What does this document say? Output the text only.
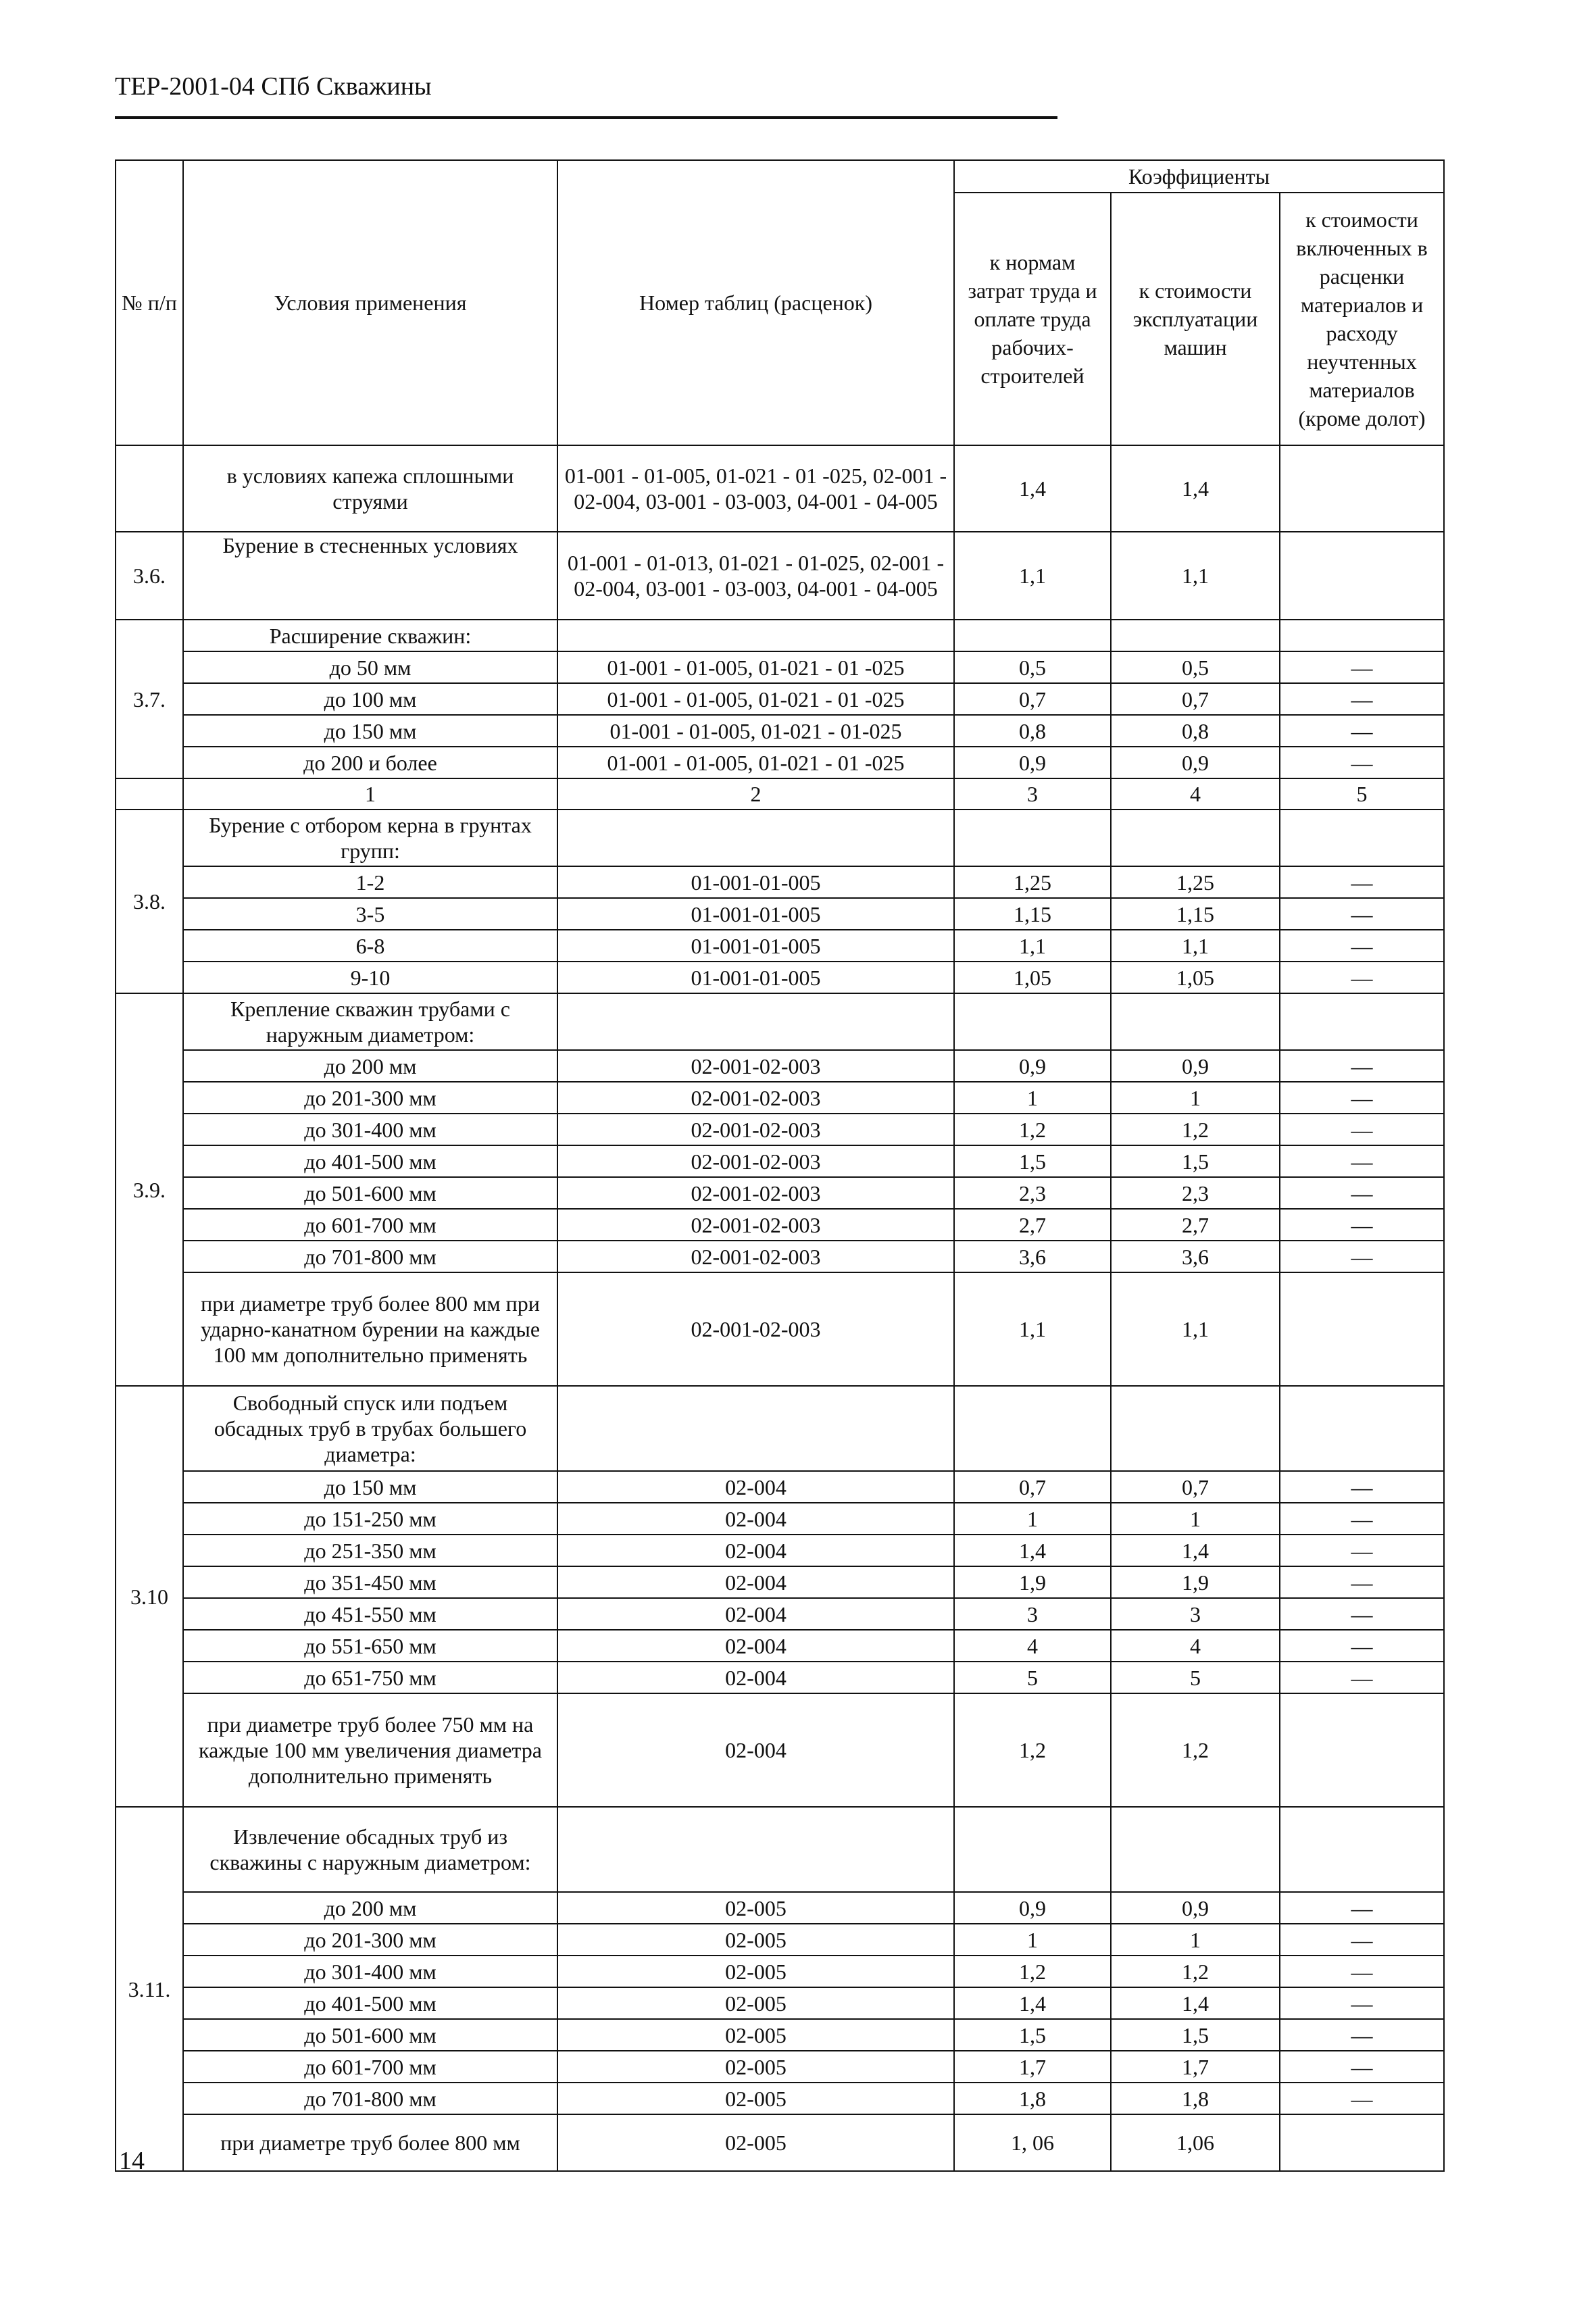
ТЕР-2001-04 СПб Скважины
№ п/п	Условия применения	Номер таблиц (расценок)	Коэффициенты		
			к нормам затрат труда и оплате труда рабочих-строителей	к стоимости эксплуатации машин	к стоимости включенных в расценки материалов и расходу неучтенных материалов (кроме долот)
	в условиях капежа сплошными струями	01-001 - 01-005, 01-021 - 01 -025, 02-001 - 02-004, 03-001 - 03-003, 04-001 - 04-005	1,4	1,4	
3.6.	Бурение в стесненных условиях	01-001 - 01-013, 01-021 - 01-025, 02-001 - 02-004, 03-001 - 03-003, 04-001 - 04-005	1,1	1,1	
3.7.	Расширение скважин:				
	до 50 мм	01-001 - 01-005, 01-021 - 01 -025	0,5	0,5	—
	до 100 мм	01-001 - 01-005, 01-021 - 01 -025	0,7	0,7	—
	до 150 мм	01-001 - 01-005, 01-021 - 01-025	0,8	0,8	—
	до 200 и более	01-001 - 01-005, 01-021 - 01 -025	0,9	0,9	—
	1	2	3	4	5
3.8.	Бурение с отбором керна в грунтах групп:				
	1-2	01-001-01-005	1,25	1,25	—
	3-5	01-001-01-005	1,15	1,15	—
	6-8	01-001-01-005	1,1	1,1	—
	9-10	01-001-01-005	1,05	1,05	—
3.9.	Крепление скважин трубами с наружным диаметром:				
	до 200 мм	02-001-02-003	0,9	0,9	—
	до 201-300 мм	02-001-02-003	1	1	—
	до 301-400 мм	02-001-02-003	1,2	1,2	—
	до 401-500 мм	02-001-02-003	1,5	1,5	—
	до 501-600 мм	02-001-02-003	2,3	2,3	—
	до 601-700 мм	02-001-02-003	2,7	2,7	—
	до 701-800 мм	02-001-02-003	3,6	3,6	—
	при диаметре труб более 800 мм при ударно-канатном бурении на каждые 100 мм дополнительно применять	02-001-02-003	1,1	1,1	
3.10	Свободный спуск или подъем обсадных труб в трубах большего диаметра:				
	до 150 мм	02-004	0,7	0,7	—
	до 151-250 мм	02-004	1	1	—
	до 251-350 мм	02-004	1,4	1,4	—
	до 351-450 мм	02-004	1,9	1,9	—
	до 451-550 мм	02-004	3	3	—
	до 551-650 мм	02-004	4	4	—
	до 651-750 мм	02-004	5	5	—
	при диаметре труб более 750 мм на каждые 100 мм увеличения диаметра дополнительно применять	02-004	1,2	1,2	
3.11.	Извлечение обсадных труб из скважины с наружным диаметром:				
	до 200 мм	02-005	0,9	0,9	—
	до 201-300 мм	02-005	1	1	—
	до 301-400 мм	02-005	1,2	1,2	—
	до 401-500 мм	02-005	1,4	1,4	—
	до 501-600 мм	02-005	1,5	1,5	—
	до 601-700 мм	02-005	1,7	1,7	—
	до 701-800 мм	02-005	1,8	1,8	—
	при диаметре труб более 800 мм	02-005	1, 06	1,06	
14
